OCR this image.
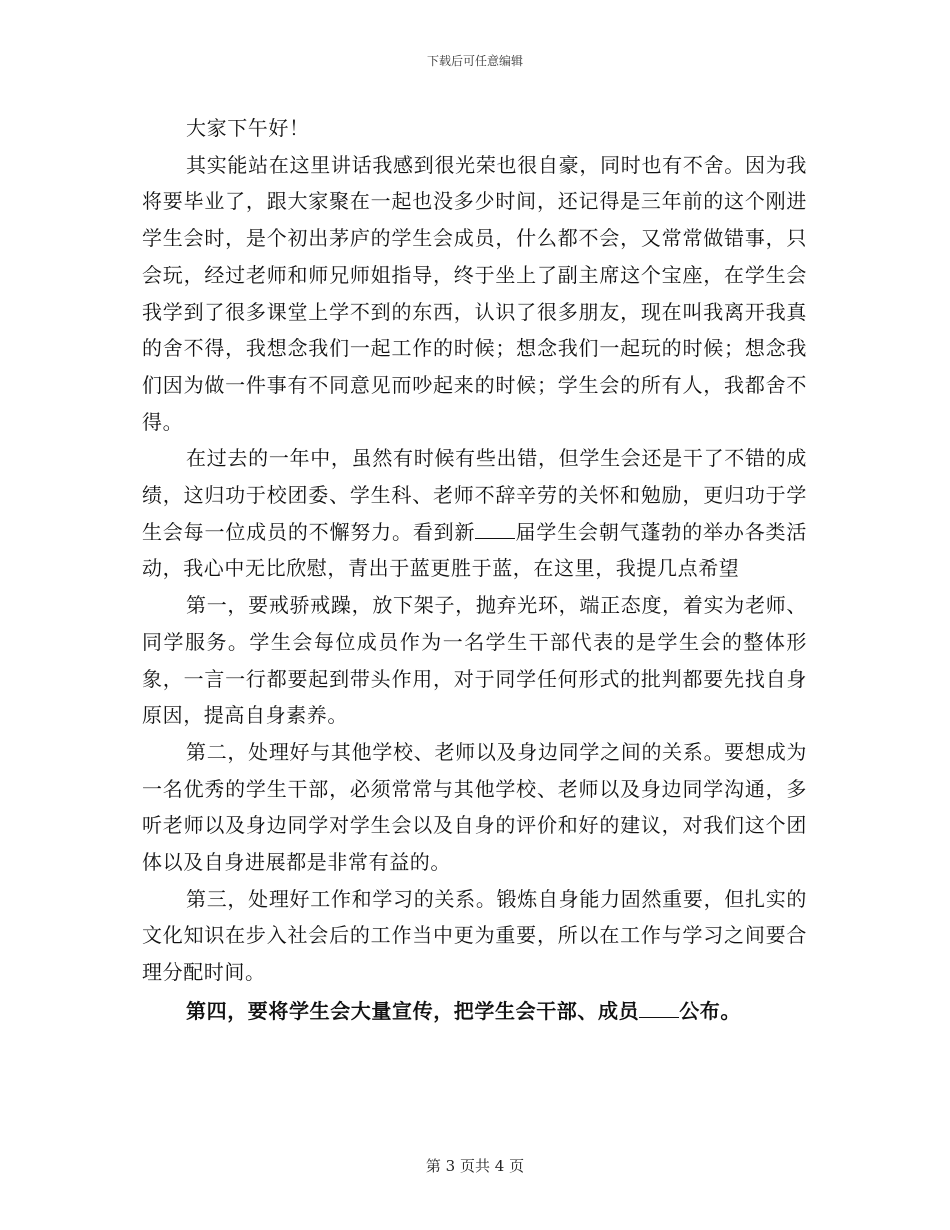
下载后可任意编辑

大家下午好！

其实能站在这里讲话我感到很光荣也很自豪，同时也有不舍。因为我将要毕业了，跟大家聚在一起也没多少时间，还记得是三年前的这个刚进学生会时，是个初出茅庐的学生会成员，什么都不会，又常常做错事，只会玩，经过老师和师兄师姐指导，终于坐上了副主席这个宝座，在学生会我学到了很多课堂上学不到的东西，认识了很多朋友，现在叫我离开我真的舍不得，我想念我们一起工作的时候；想念我们一起玩的时候；想念我们因为做一件事有不同意见而吵起来的时候；学生会的所有人，我都舍不得。

在过去的一年中，虽然有时候有些出错，但学生会还是干了不错的成绩，这归功于校团委、学生科、老师不辞辛劳的关怀和勉励，更归功于学生会每一位成员的不懈努力。看到新 届学生会朝气蓬勃的举办各类活动，我心中无比欣慰，青出于蓝更胜于蓝，在这里，我提几点希望

第一，要戒骄戒躁，放下架子，抛弃光环，端正态度，着实为老师、同学服务。学生会每位成员作为一名学生干部代表的是学生会的整体形象，一言一行都要起到带头作用，对于同学任何形式的批判都要先找自身原因，提高自身素养。

第二，处理好与其他学校、老师以及身边同学之间的关系。要想成为一名优秀的学生干部，必须常常与其他学校、老师以及身边同学沟通，多听老师以及身边同学对学生会以及自身的评价和好的建议，对我们这个团体以及自身进展都是非常有益的。

第三，处理好工作和学习的关系。锻炼自身能力固然重要，但扎实的文化知识在步入社会后的工作当中更为重要，所以在工作与学习之间要合理分配时间。

第四，要将学生会大量宣传，把学生会干部、成员 公布。

第 3 页共 4 页
